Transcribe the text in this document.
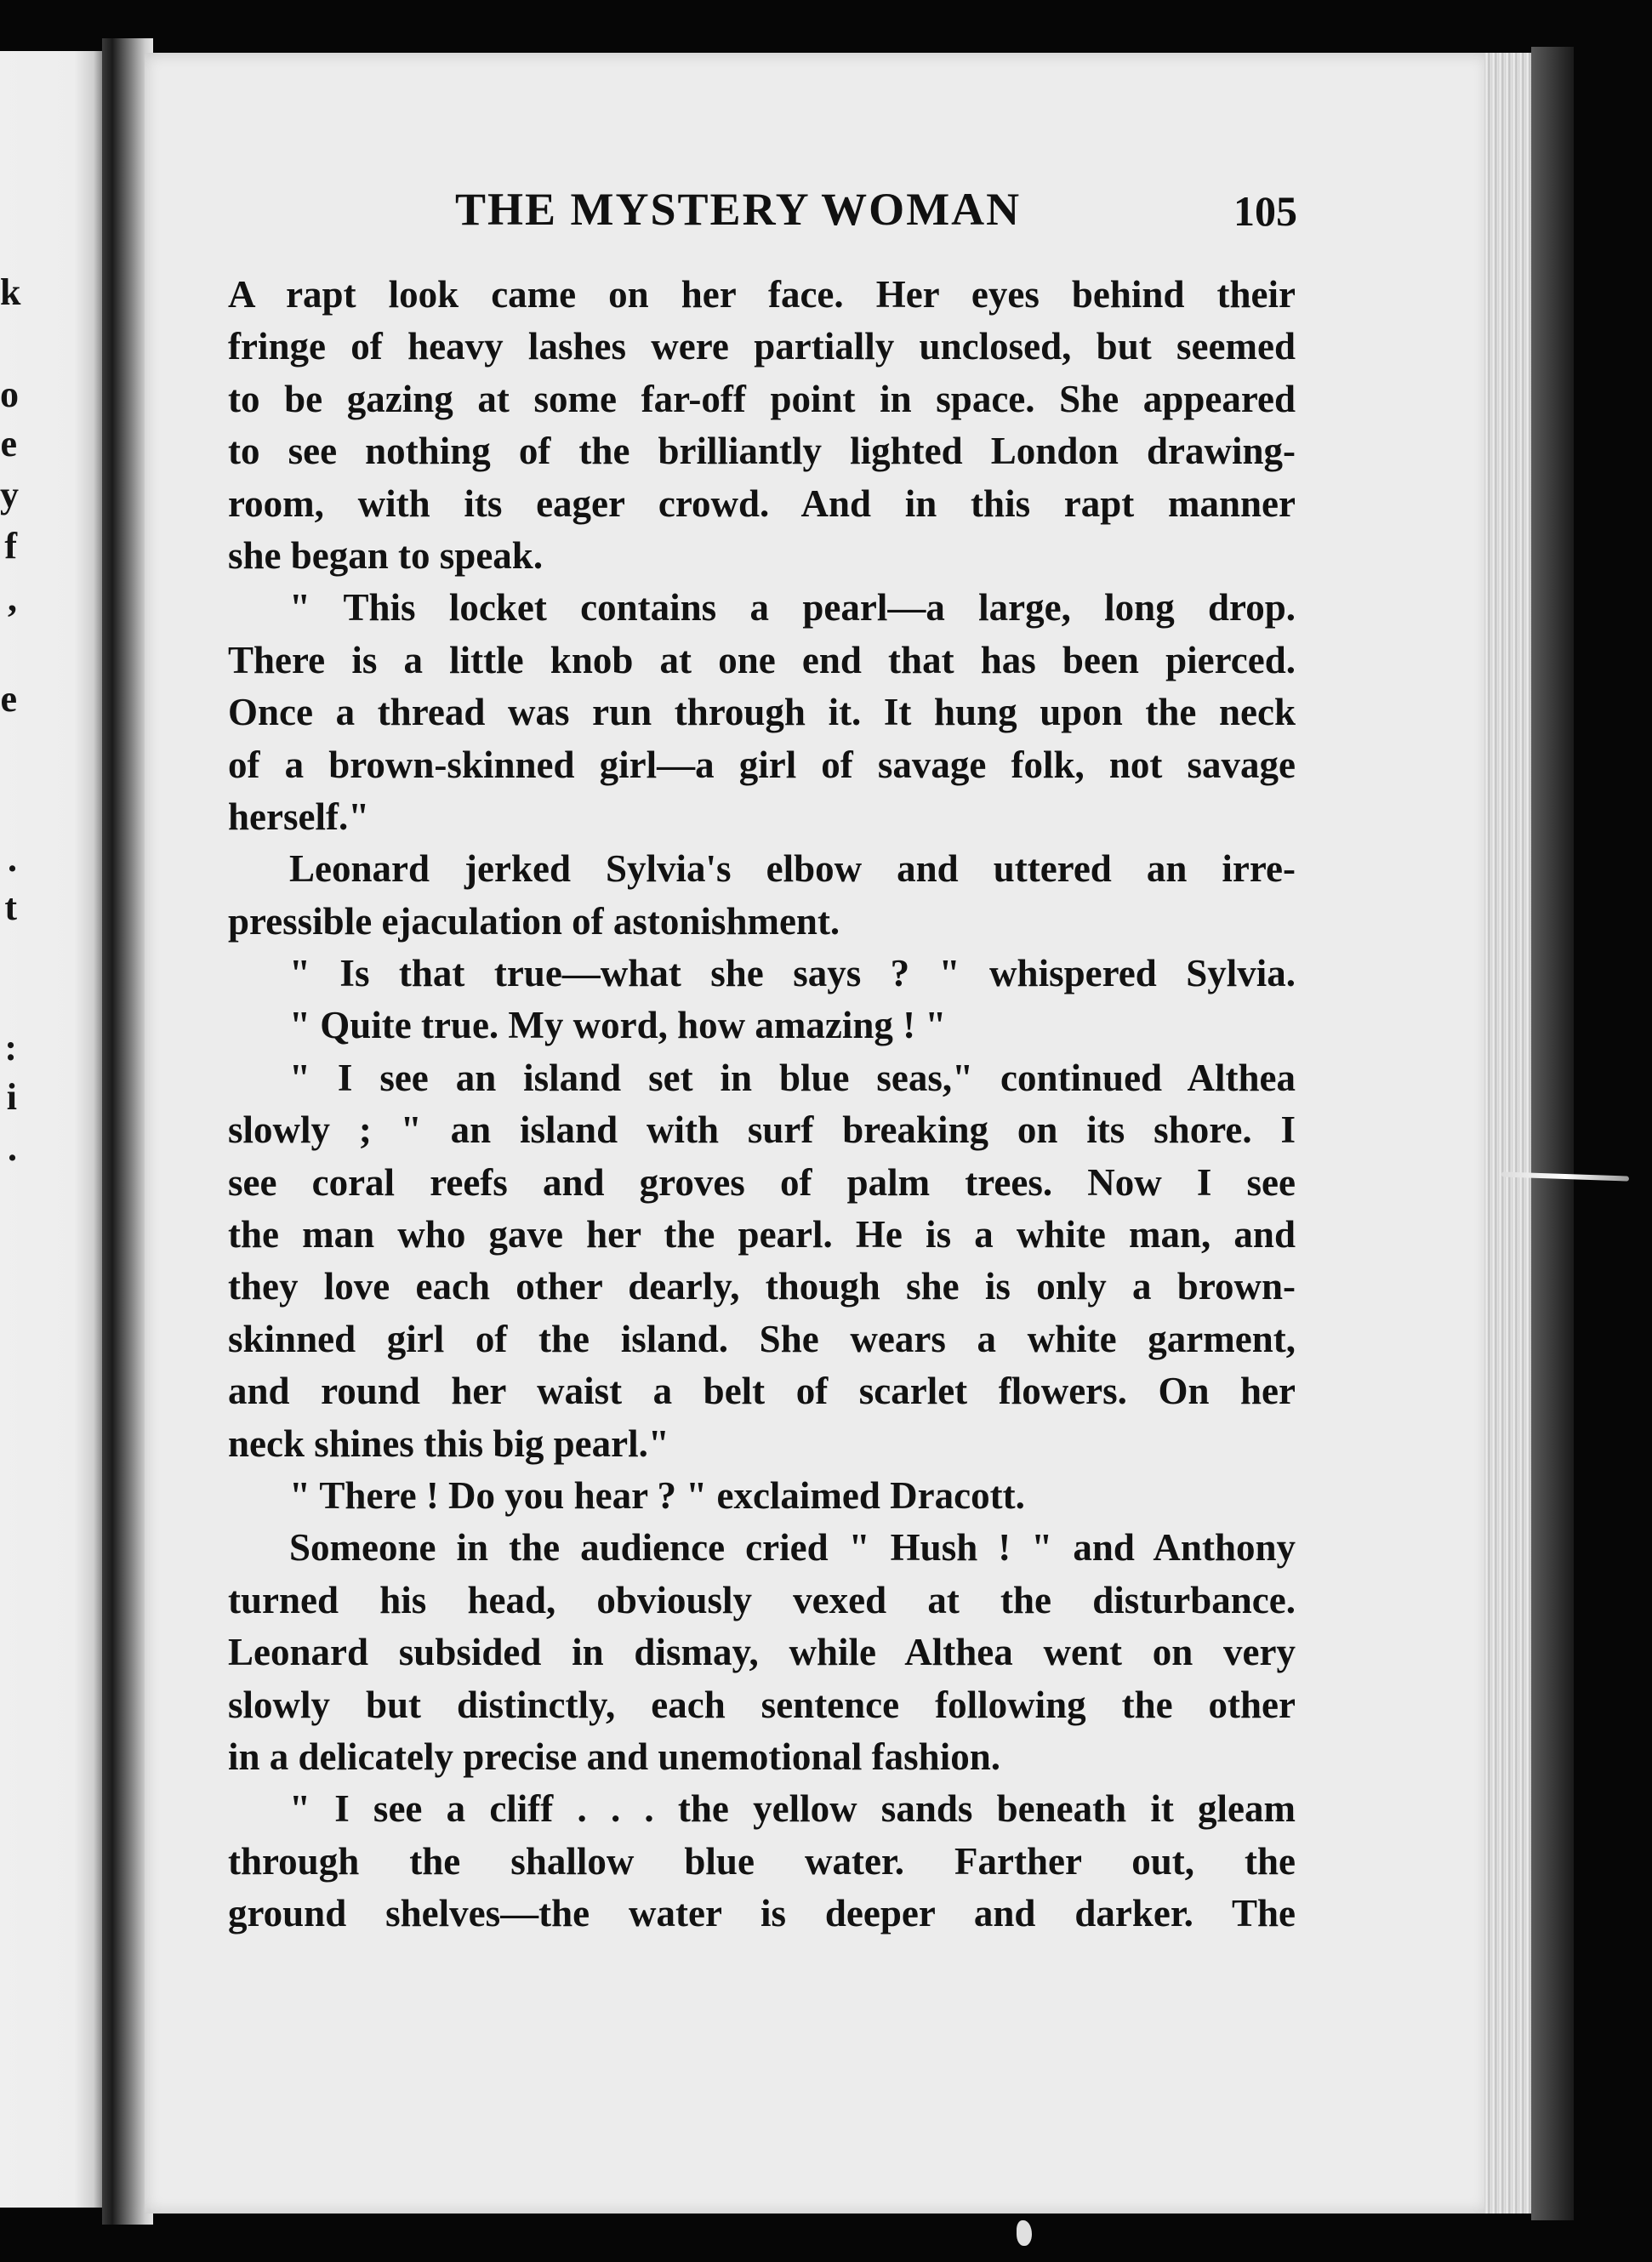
k
o
e
y
f
,
e
.
t
:
i
.
THE MYSTERY WOMAN	105
A rapt look came on her face. Her eyes behind their
fringe of heavy lashes were partially unclosed, but seemed
to be gazing at some far-off point in space. She appeared
to see nothing of the brilliantly lighted London drawing-
room, with its eager crowd. And in this rapt manner
she began to speak.
" This locket contains a pearl—a large, long drop.
There is a little knob at one end that has been pierced.
Once a thread was run through it. It hung upon the neck
of a brown-skinned girl—a girl of savage folk, not savage
herself."
Leonard jerked Sylvia's elbow and uttered an irre-
pressible ejaculation of astonishment.
" Is that true—what she says ? " whispered Sylvia.
" Quite true. My word, how amazing ! "
" I see an island set in blue seas," continued Althea
slowly ; " an island with surf breaking on its shore. I
see coral reefs and groves of palm trees. Now I see
the man who gave her the pearl. He is a white man, and
they love each other dearly, though she is only a brown-
skinned girl of the island. She wears a white garment,
and round her waist a belt of scarlet flowers. On her
neck shines this big pearl."
" There ! Do you hear ? " exclaimed Dracott.
Someone in the audience cried " Hush ! " and Anthony
turned his head, obviously vexed at the disturbance.
Leonard subsided in dismay, while Althea went on very
slowly but distinctly, each sentence following the other
in a delicately precise and unemotional fashion.
" I see a cliff . . . the yellow sands beneath it gleam
through the shallow blue water. Farther out, the
ground shelves—the water is deeper and darker. The
